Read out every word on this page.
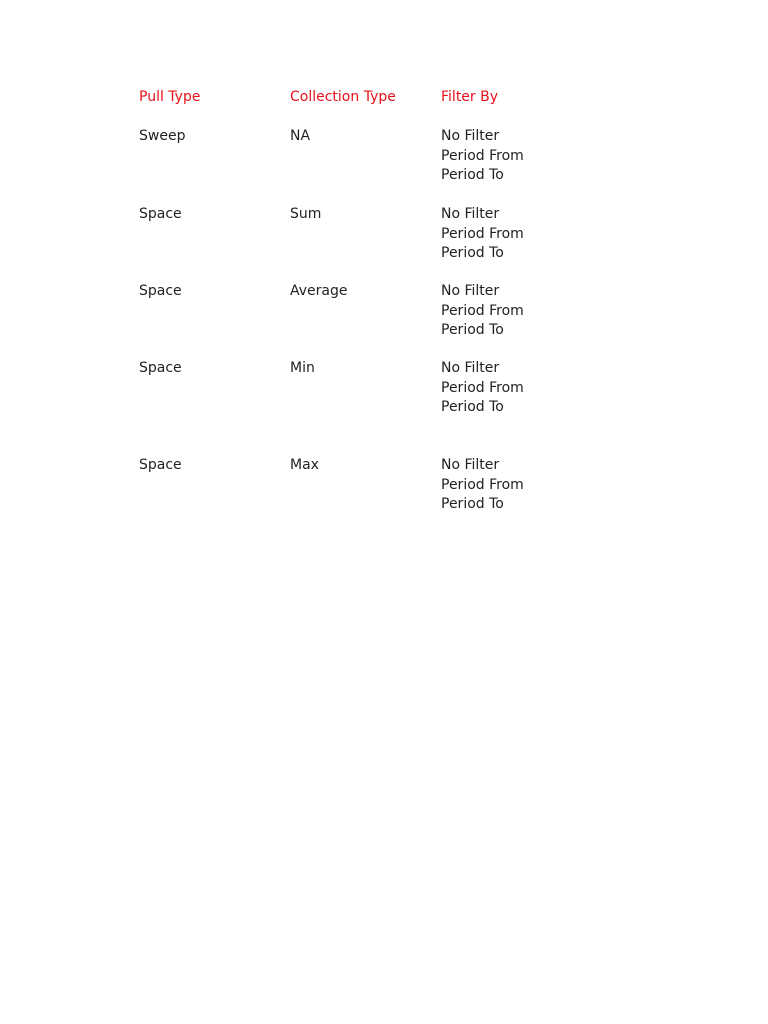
Pull Type	Collection Type	Filter By
Sweep	NA	No Filter
Period From
Period To
Space	Sum	No Filter
Period From
Period To
Space	Average	No Filter
Period From
Period To
Space	Min	No Filter
Period From
Period To
Space	Max	No Filter
Period From
Period To
